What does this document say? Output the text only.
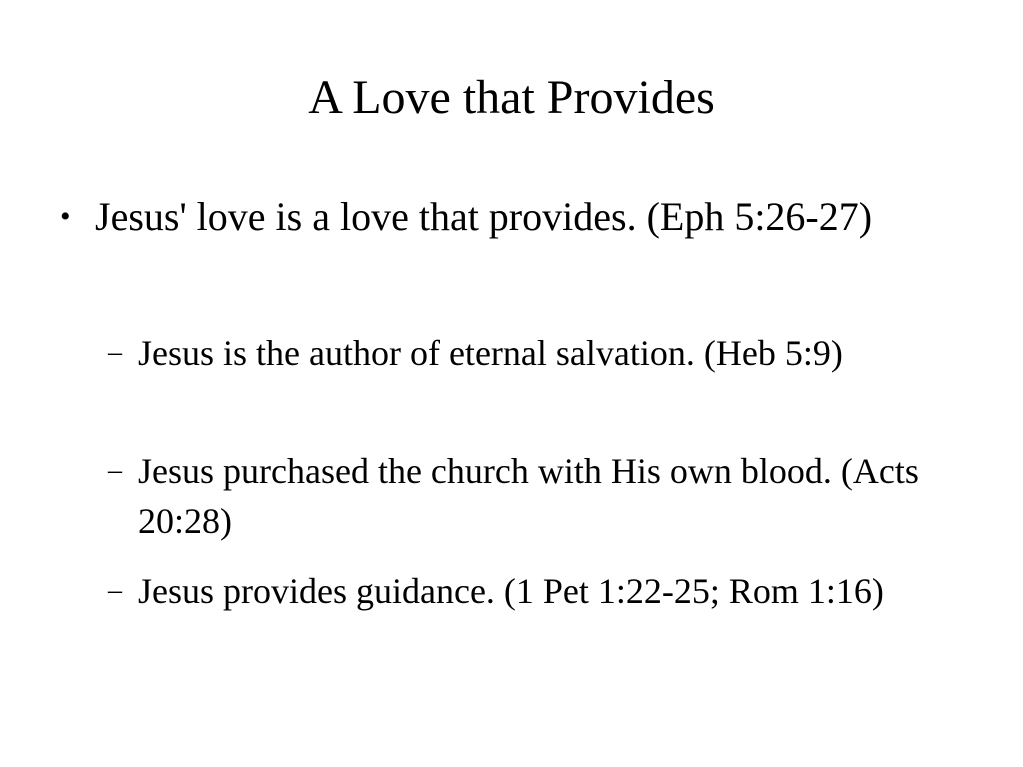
A Love that Provides
• Jesus' love is a love that provides. (Eph 5:26-27)
– Jesus is the author of eternal salvation. (Heb 5:9)
– Jesus purchased the church with His own blood. (Acts 20:28)
– Jesus provides guidance. (1 Pet 1:22-25; Rom 1:16)
